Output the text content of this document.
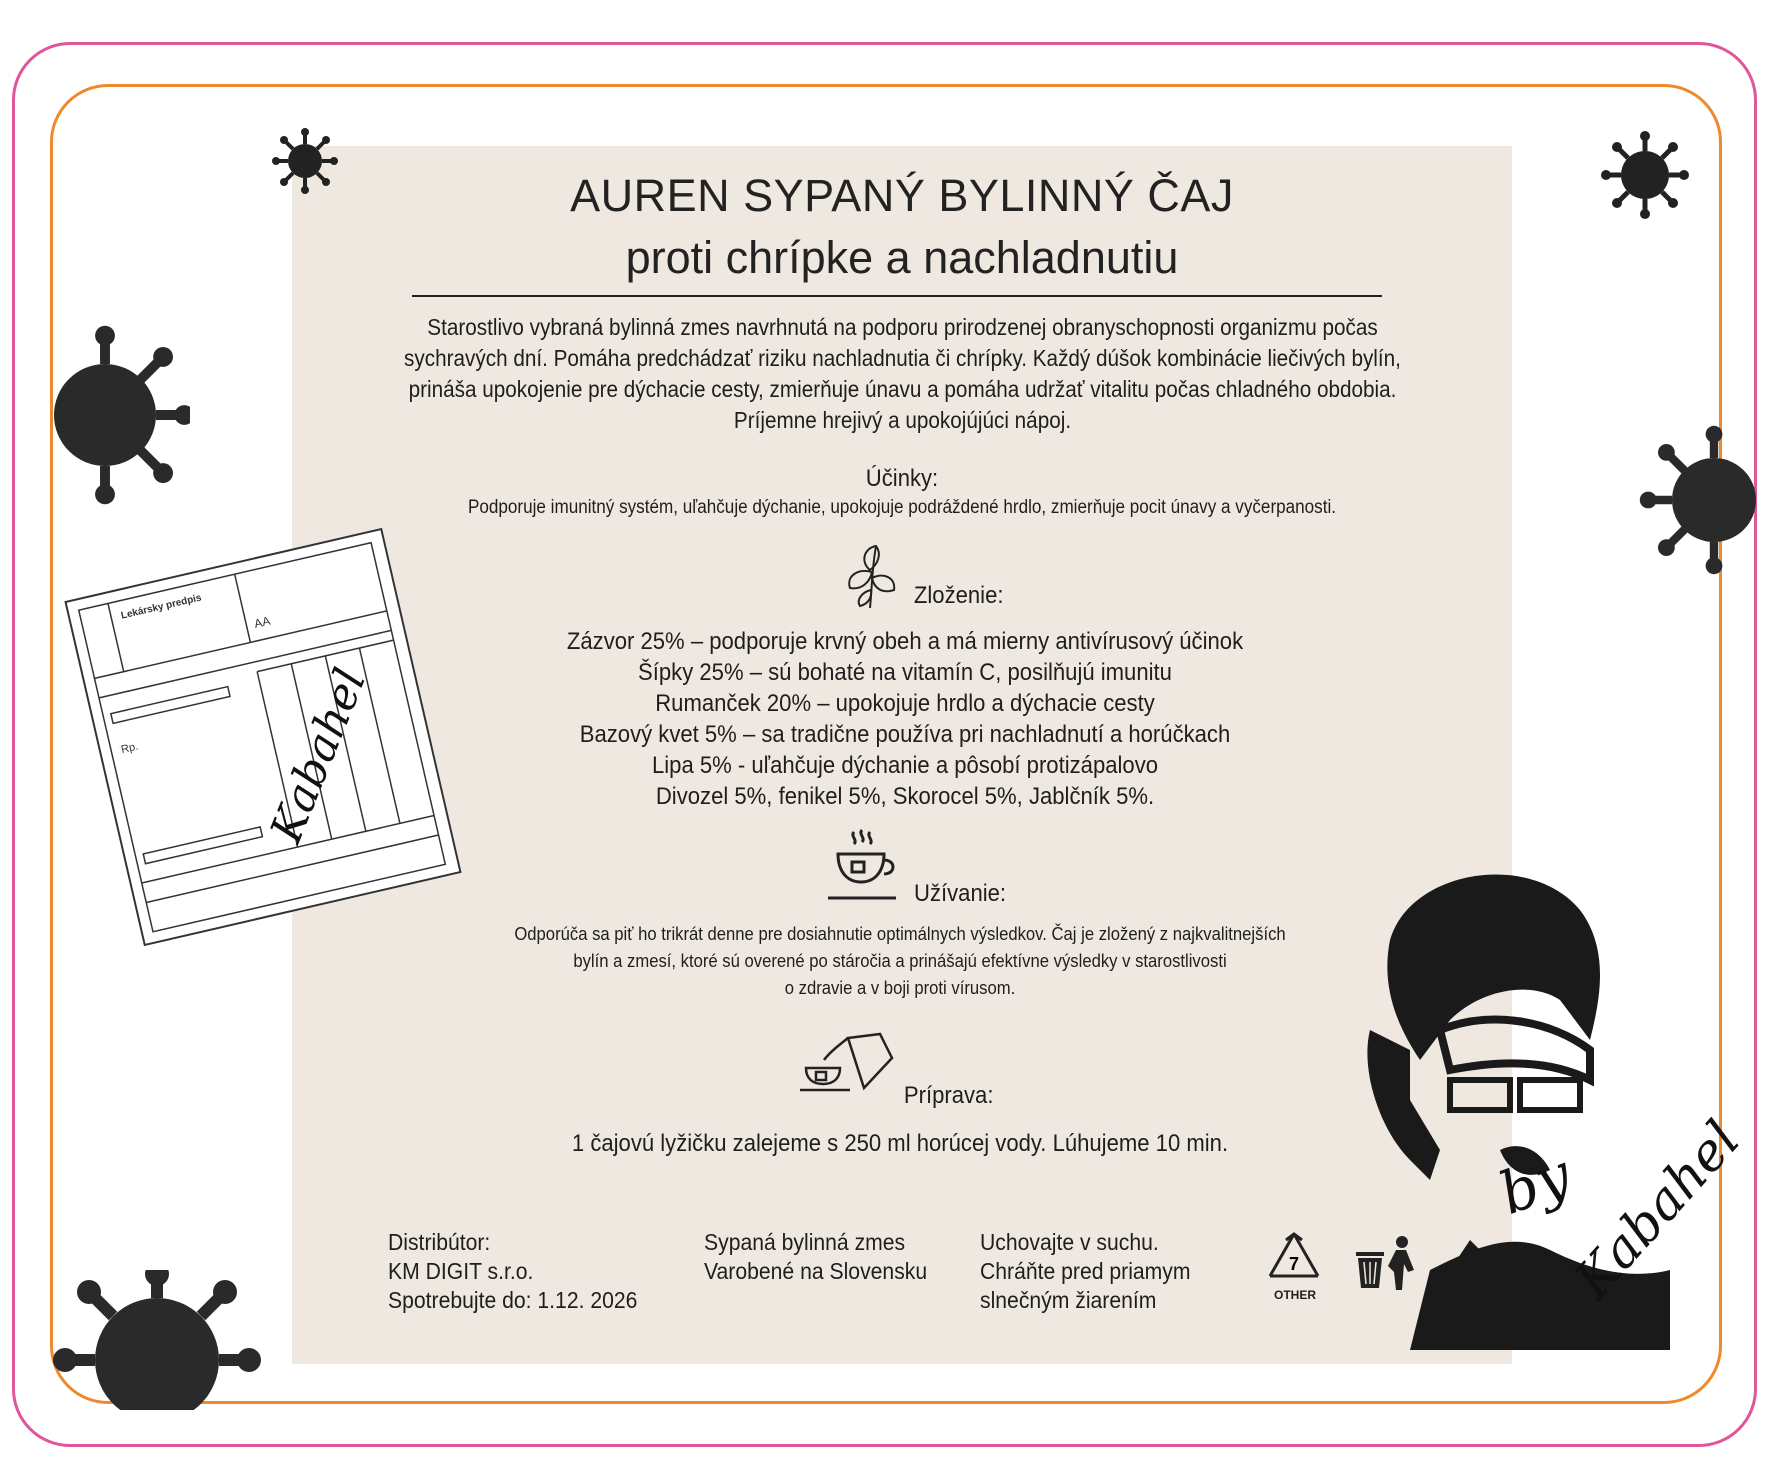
AUREN SYPANÝ BYLINNÝ ČAJ
proti chrípke a nachladnutiu
Starostlivo vybraná bylinná zmes navrhnutá na podporu prirodzenej obranyschopnosti organizmu počas
sychravých dní. Pomáha predchádzať riziku nachladnutia či chrípky. Každý dúšok kombinácie liečivých bylín,
prináša upokojenie pre dýchacie cesty, zmierňuje únavu a pomáha udržať vitalitu počas chladného obdobia.
Príjemne hrejivý a upokojújúci nápoj.
Účinky:
Podporuje imunitný systém, uľahčuje dýchanie, upokojuje podráždené hrdlo, zmierňuje pocit únavy a vyčerpanosti.
Zloženie:
Zázvor 25% – podporuje krvný obeh a má mierny antivírusový účinok
Šípky 25% – sú bohaté na vitamín C, posilňujú imunitu
Rumanček 20% – upokojuje hrdlo a dýchacie cesty
Bazový kvet 5% – sa tradične používa pri nachladnutí a horúčkach
Lipa 5% - uľahčuje dýchanie a pôsobí protizápalovo
Divozel 5%, fenikel 5%, Skorocel 5%, Jablčník 5%.
Užívanie:
Odporúča sa piť ho trikrát denne pre dosiahnutie optimálnych výsledkov. Čaj je zložený z najkvalitnejších
bylín a zmesí, ktoré sú overené po stáročia a prinášajú efektívne výsledky v starostlivosti
o zdravie a v boji proti vírusom.
Príprava:
1 čajovú lyžičku zalejeme s 250 ml horúcej vody. Lúhujeme 10 min.
Distribútor:
KM DIGIT s.r.o.
Spotrebujte do: 1.12. 2026
Sypaná bylinná zmes
Varobené na Slovensku
Uchovajte v suchu.
Chráňte pred priamym
slnečným žiarením
7
OTHER
Lekársky predpis
AA
Rp.	Kabahel
by
Kabahel
